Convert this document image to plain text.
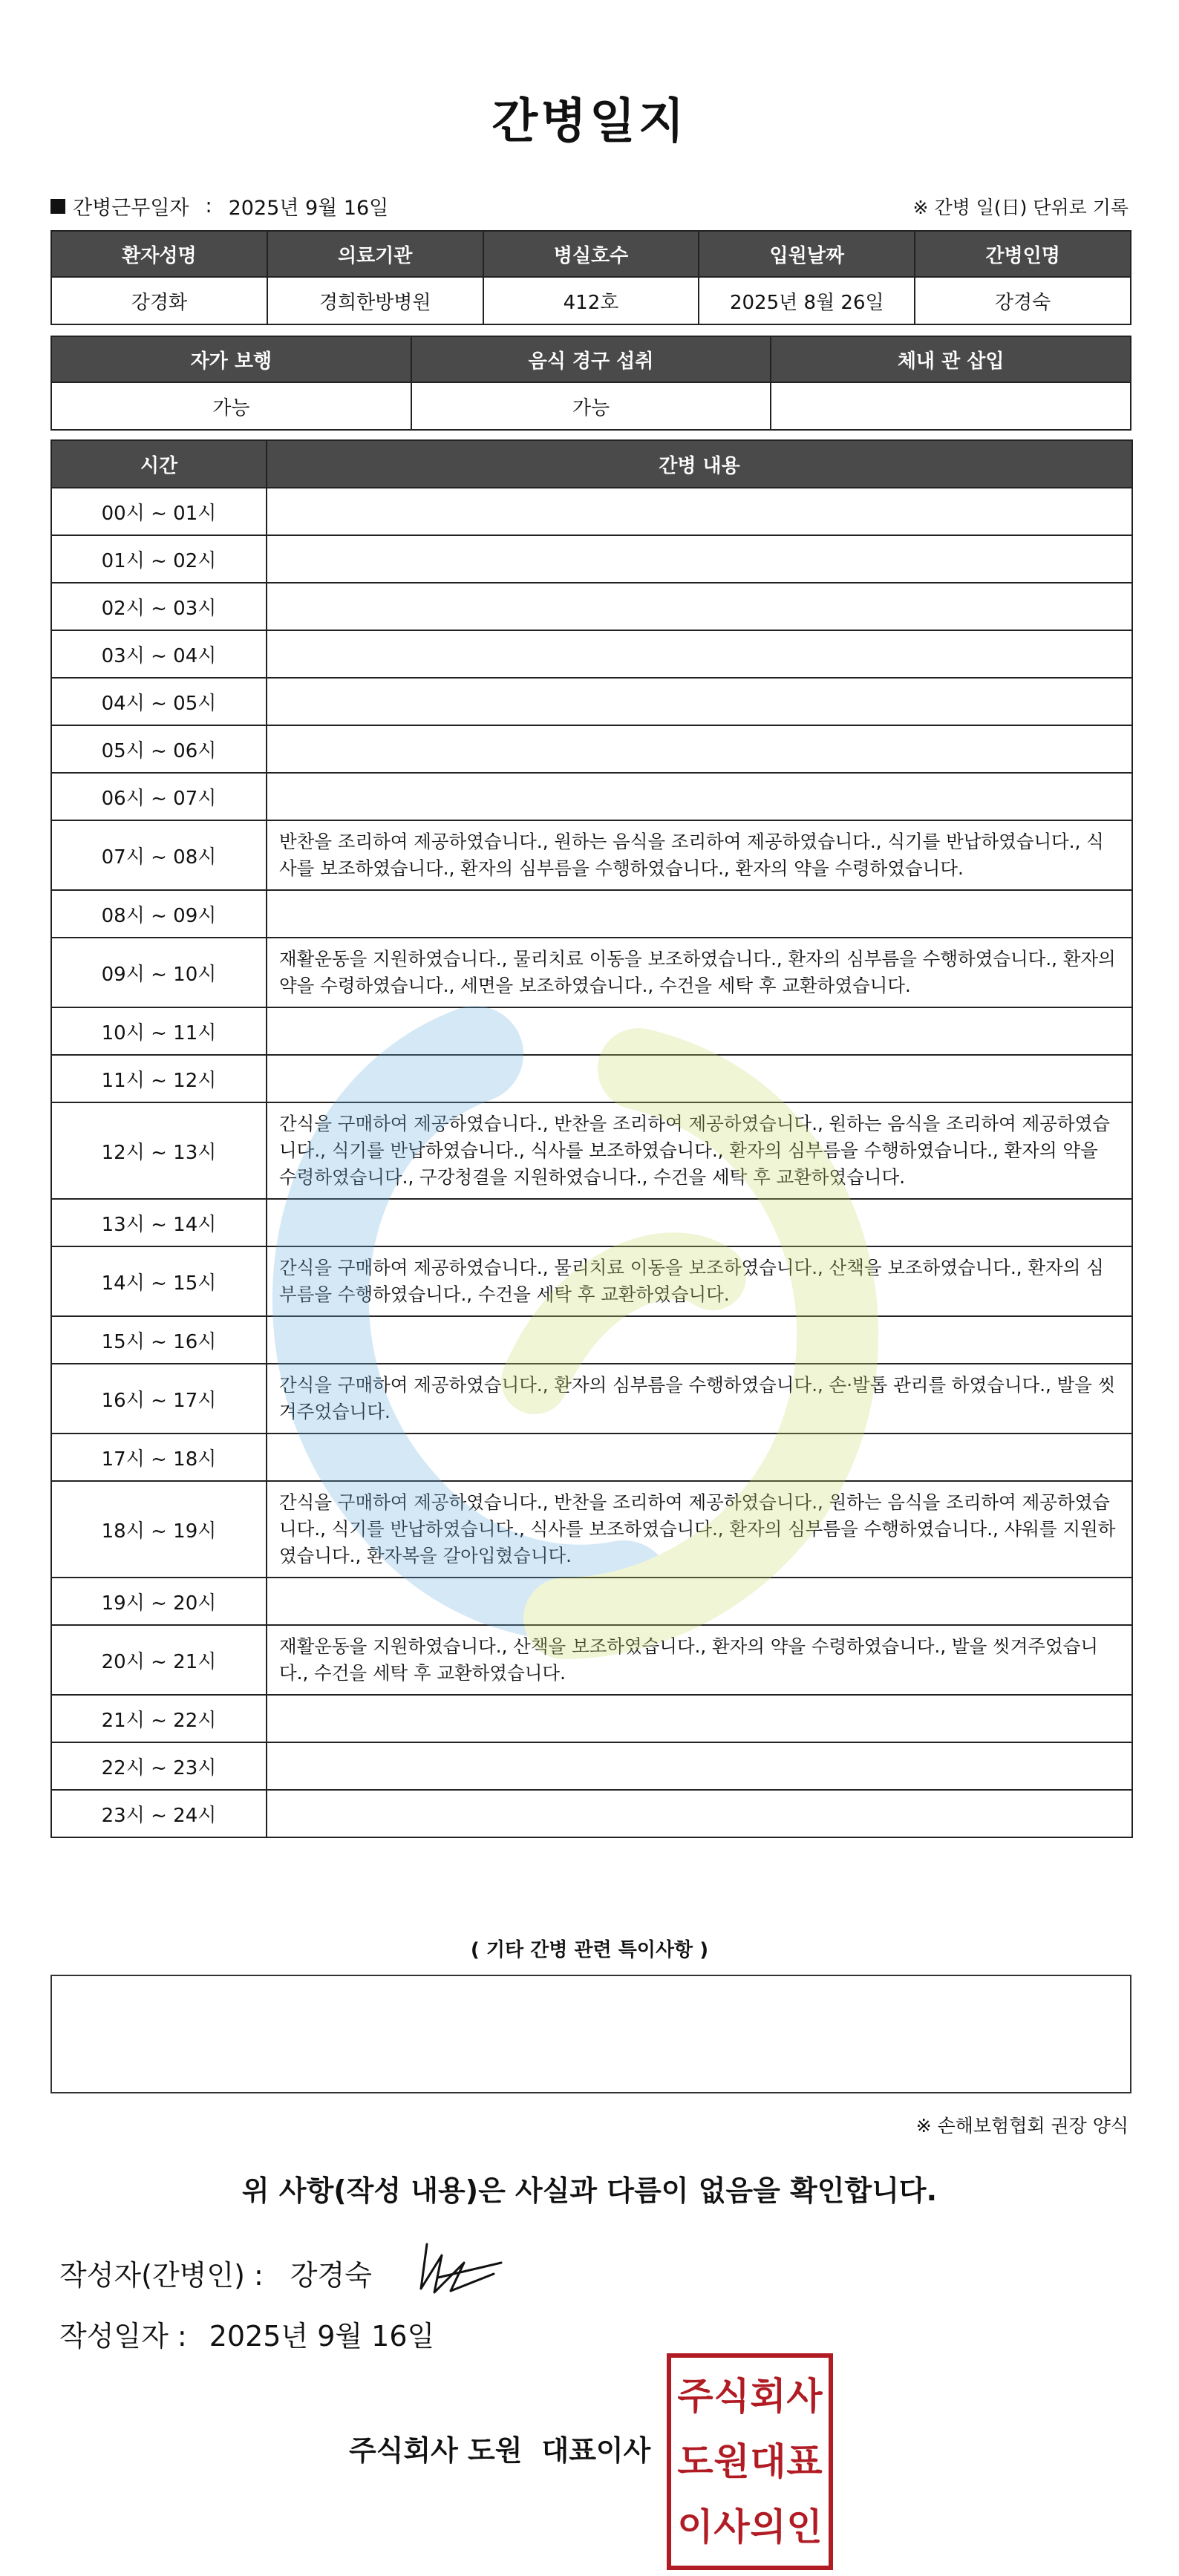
간병일지
간병근무일자 : 2025년 9월 16일	※ 간병 일(日) 단위로 기록
환자성명	의료기관	병실호수	입원날짜	간병인명
강경화	경희한방병원	412호	2025년 8월 26일	강경숙
자가 보행	음식 경구 섭취	체내 관 삽입
가능	가능	
시간	간병 내용
00시 ~ 01시	
01시 ~ 02시	
02시 ~ 03시	
03시 ~ 04시	
04시 ~ 05시	
05시 ~ 06시	
06시 ~ 07시	
07시 ~ 08시	반찬을 조리하여 제공하였습니다., 원하는 음식을 조리하여 제공하였습니다., 식기를 반납하였습니다., 식사를 보조하였습니다., 환자의 심부름을 수행하였습니다., 환자의 약을 수령하였습니다.
08시 ~ 09시	
09시 ~ 10시	재활운동을 지원하였습니다., 물리치료 이동을 보조하였습니다., 환자의 심부름을 수행하였습니다., 환자의 약을 수령하였습니다., 세면을 보조하였습니다., 수건을 세탁 후 교환하였습니다.
10시 ~ 11시	
11시 ~ 12시	
12시 ~ 13시	간식을 구매하여 제공하였습니다., 반찬을 조리하여 제공하였습니다., 원하는 음식을 조리하여 제공하였습니다., 식기를 반납하였습니다., 식사를 보조하였습니다., 환자의 심부름을 수행하였습니다., 환자의 약을 수령하였습니다., 구강청결을 지원하였습니다., 수건을 세탁 후 교환하였습니다.
13시 ~ 14시	
14시 ~ 15시	간식을 구매하여 제공하였습니다., 물리치료 이동을 보조하였습니다., 산책을 보조하였습니다., 환자의 심부름을 수행하였습니다., 수건을 세탁 후 교환하였습니다.
15시 ~ 16시	
16시 ~ 17시	간식을 구매하여 제공하였습니다., 환자의 심부름을 수행하였습니다., 손·발톱 관리를 하였습니다., 발을 씻겨주었습니다.
17시 ~ 18시	
18시 ~ 19시	간식을 구매하여 제공하였습니다., 반찬을 조리하여 제공하였습니다., 원하는 음식을 조리하여 제공하였습니다., 식기를 반납하였습니다., 식사를 보조하였습니다., 환자의 심부름을 수행하였습니다., 샤워를 지원하였습니다., 환자복을 갈아입혔습니다.
19시 ~ 20시	
20시 ~ 21시	재활운동을 지원하였습니다., 산책을 보조하였습니다., 환자의 약을 수령하였습니다., 발을 씻겨주었습니다., 수건을 세탁 후 교환하였습니다.
21시 ~ 22시	
22시 ~ 23시	
23시 ~ 24시	
( 기타 간병 관련 특이사항 )
※ 손해보험협회 권장 양식
위 사항(작성 내용)은 사실과 다름이 없음을 확인합니다.
작성자(간병인) : 강경숙
작성일자 : 2025년 9월 16일
주식회사 도원 대표이사
주 식 회 사
도 원 대 표
이 사 의 인
